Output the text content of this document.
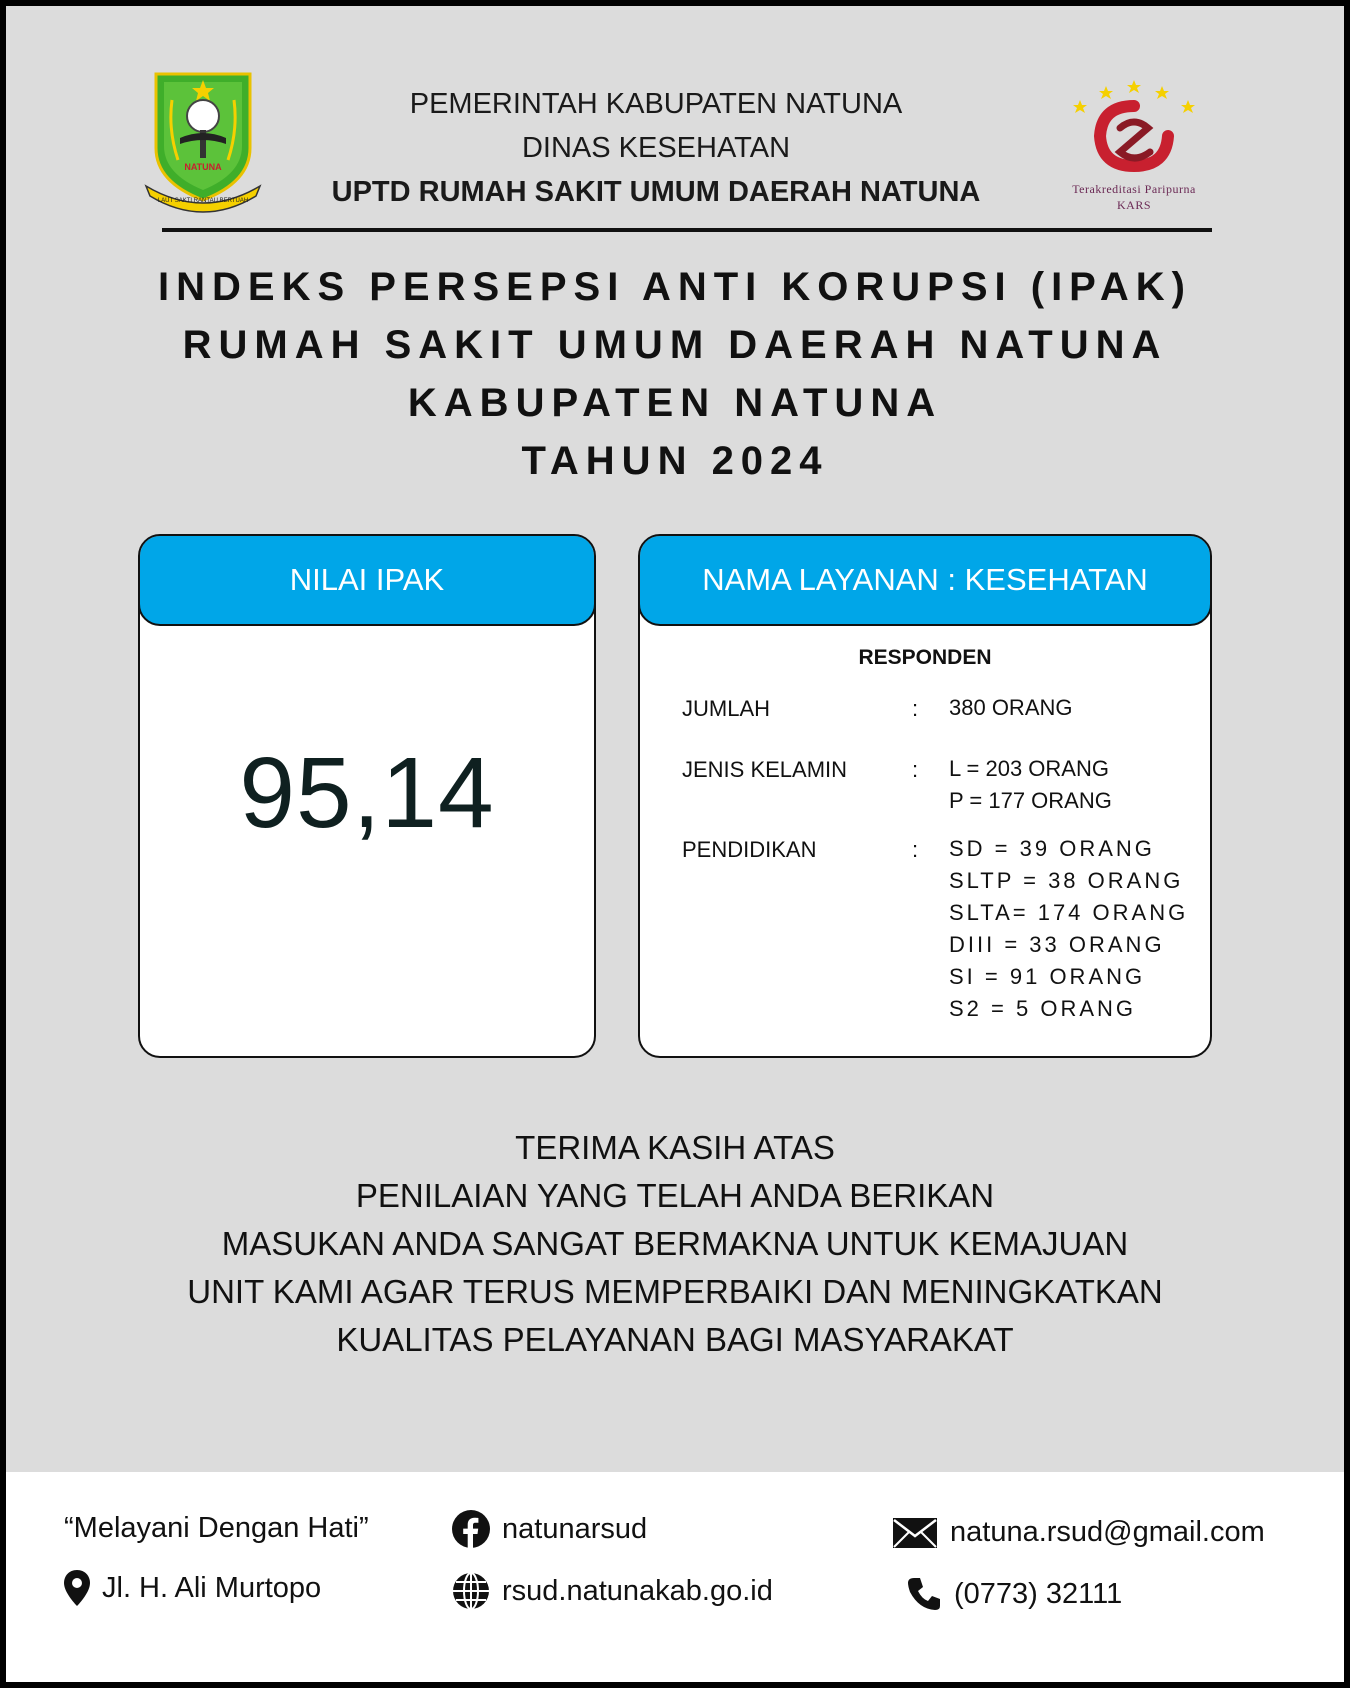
NATUNA
LAUT SAKTI RANTAU BERTUAH
PEMERINTAH KABUPATEN NATUNA
DINAS KESEHATAN
UPTD RUMAH SAKIT UMUM DAERAH NATUNA	Terakreditasi Paripurna
KARS
INDEKS PERSEPSI ANTI KORUPSI (IPAK)
RUMAH SAKIT UMUM DAERAH NATUNA
KABUPATEN NATUNA
TAHUN 2024
NILAI IPAK
95,14
NAMA LAYANAN : KESEHATAN
RESPONDEN
JUMLAH	: 380 ORANG
JENIS KELAMIN	: L = 203 ORANG
P = 177 ORANG
PENDIDIKAN	: SD = 39 ORANG
SLTP = 38 ORANG
SLTA= 174 ORANG
DIII = 33 ORANG
SI = 91 ORANG
S2 = 5 ORANG
TERIMA KASIH ATAS
PENILAIAN YANG TELAH ANDA BERIKAN
MASUKAN ANDA SANGAT BERMAKNA UNTUK KEMAJUAN
UNIT KAMI AGAR TERUS MEMPERBAIKI DAN MENINGKATKAN
KUALITAS PELAYANAN BAGI MASYARAKAT
“Melayani Dengan Hati”
Jl. H. Ali Murtopo
natunarsud
rsud.natunakab.go.id
natuna.rsud@gmail.com
(0773) 32111
